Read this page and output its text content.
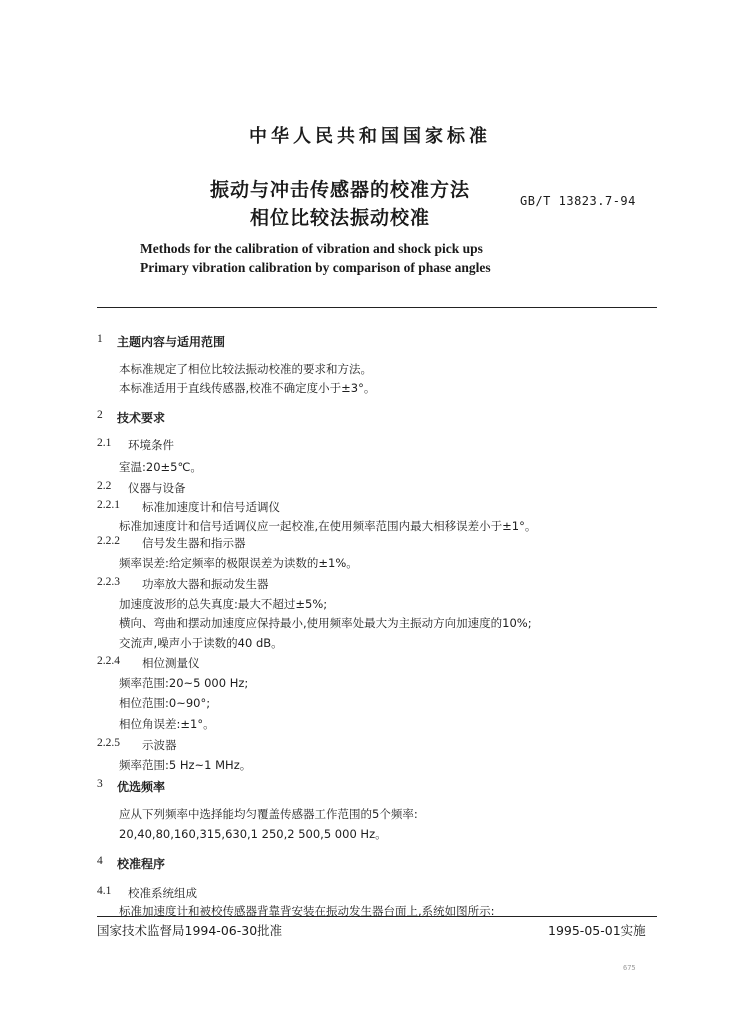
中华人民共和国国家标准
振动与冲击传感器的校准方法
相位比较法振动校准
GB/T 13823.7-94
Methods for the calibration of vibration and shock pick ups
Primary vibration calibration by comparison of phase angles
1 主题内容与适用范围
本标准规定了相位比较法振动校准的要求和方法。
本标准适用于直线传感器,校准不确定度小于±3°。
2 技术要求
2.1 环境条件
室温:20±5℃。
2.2 仪器与设备
2.2.1 标准加速度计和信号适调仪
标准加速度计和信号适调仪应一起校准,在使用频率范围内最大相移误差小于±1°。
2.2.2 信号发生器和指示器
频率误差:给定频率的极限误差为读数的±1%。
2.2.3 功率放大器和振动发生器
加速度波形的总失真度:最大不超过±5%;
横向、弯曲和摆动加速度应保持最小,使用频率处最大为主振动方向加速度的10%;
交流声,噪声小于读数的40 dB。
2.2.4 相位测量仪
频率范围:20~5 000 Hz;
相位范围:0~90°;
相位角误差:±1°。
2.2.5 示波器
频率范围:5 Hz~1 MHz。
3 优选频率
应从下列频率中选择能均匀覆盖传感器工作范围的5个频率:
20,40,80,160,315,630,1 250,2 500,5 000 Hz。
4 校准程序
4.1 校准系统组成
标准加速度计和被校传感器背靠背安装在振动发生器台面上,系统如图所示:
国家技术监督局1994-06-30批准	1995-05-01实施
675
